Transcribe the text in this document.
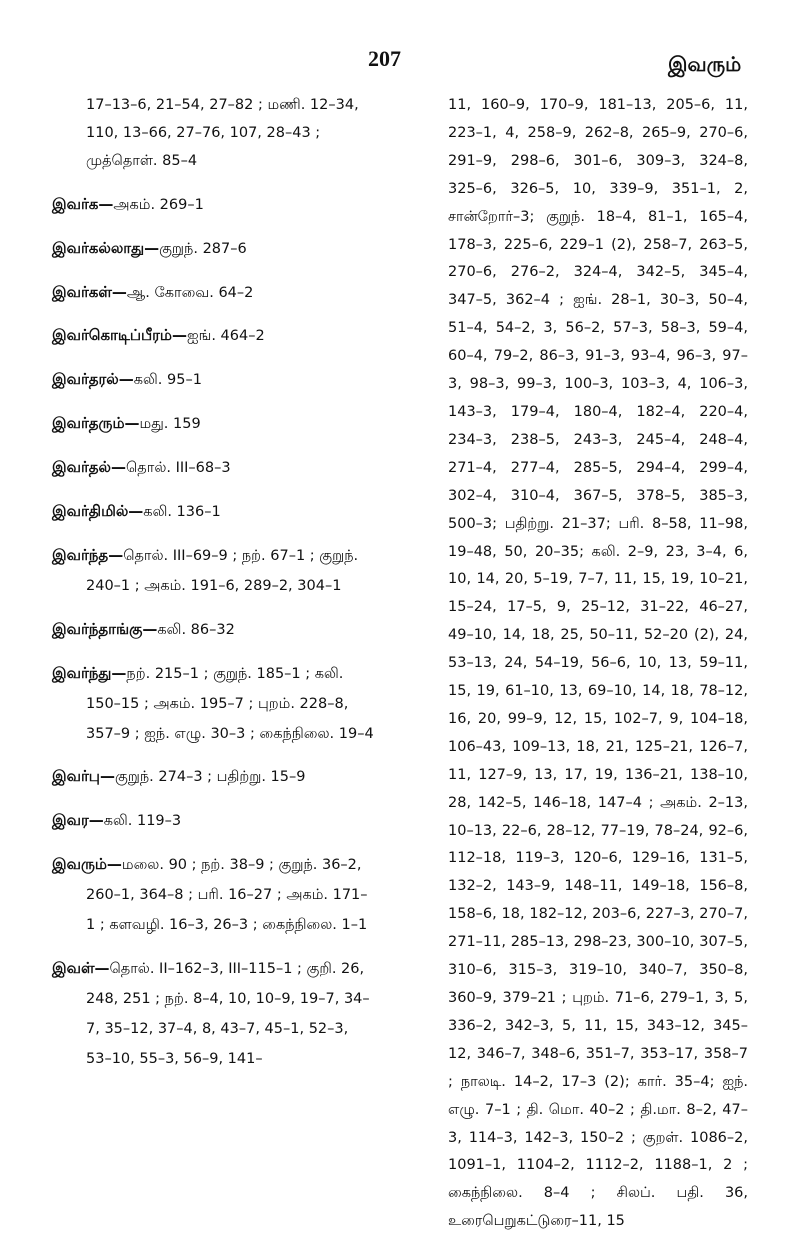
207	இவரும்

17–13–6, 21–54, 27–82 ; மணி. 12–34, 110, 13–66, 27–76, 107, 28–43 ; முத்தொள். 85–4

இவர்க—அகம். 269–1

இவர்கல்லாது—குறுந். 287–6

இவர்கள்—ஆ. கோவை. 64–2

இவர்கொடிப்பீரம்—ஐங். 464–2

இவர்தரல்—கலி. 95–1

இவர்தரும்—மது. 159

இவர்தல்—தொல். III–68–3

இவர்திமில்—கலி. 136–1

இவர்ந்த—தொல். III–69–9 ; நற். 67–1 ; குறுந். 240–1 ; அகம். 191–6, 289–2, 304–1

இவர்ந்தாங்கு—கலி. 86–32

இவர்ந்து—நற். 215–1 ; குறுந். 185–1 ; கலி. 150–15 ; அகம். 195–7 ; புறம். 228–8, 357–9 ; ஐந். எழு. 30–3 ; கைந்நிலை. 19–4

இவர்பு—குறுந். 274–3 ; பதிற்று. 15–9

இவர—கலி. 119–3

இவரும்—மலை. 90 ; நற். 38–9 ; குறுந். 36–2, 260–1, 364–8 ; பரி. 16–27 ; அகம். 171–1 ; களவழி. 16–3, 26–3 ; கைந்நிலை. 1–1

இவள்—தொல். II–162–3, III–115–1 ; குறி. 26, 248, 251 ; நற். 8–4, 10, 10–9, 19–7, 34–7, 35–12, 37–4, 8, 43–7, 45–1, 52–3, 53–10, 55–3, 56–9, 141–

11, 160–9, 170–9, 181–13, 205–6, 11, 223–1, 4, 258–9, 262–8, 265–9, 270–6, 291–9, 298–6, 301–6, 309–3, 324–8, 325–6, 326–5, 10, 339–9, 351–1, 2, சான்றோர்–3; குறுந். 18–4, 81–1, 165–4, 178–3, 225–6, 229–1 (2), 258–7, 263–5, 270–6, 276–2, 324–4, 342–5, 345–4, 347–5, 362–4 ; ஐங். 28–1, 30–3, 50–4, 51–4, 54–2, 3, 56–2, 57–3, 58–3, 59–4, 60–4, 79–2, 86–3, 91–3, 93–4, 96–3, 97–3, 98–3, 99–3, 100–3, 103–3, 4, 106–3, 143–3, 179–4, 180–4, 182–4, 220–4, 234–3, 238–5, 243–3, 245–4, 248–4, 271–4, 277–4, 285–5, 294–4, 299–4, 302–4, 310–4, 367–5, 378–5, 385–3, 500–3; பதிற்று. 21–37; பரி. 8–58, 11–98, 19–48, 50, 20–35; கலி. 2–9, 23, 3–4, 6, 10, 14, 20, 5–19, 7–7, 11, 15, 19, 10–21, 15–24, 17–5, 9, 25–12, 31–22, 46–27, 49–10, 14, 18, 25, 50–11, 52–20 (2), 24, 53–13, 24, 54–19, 56–6, 10, 13, 59–11, 15, 19, 61–10, 13, 69–10, 14, 18, 78–12, 16, 20, 99–9, 12, 15, 102–7, 9, 104–18, 106–43, 109–13, 18, 21, 125–21, 126–7, 11, 127–9, 13, 17, 19, 136–21, 138–10, 28, 142–5, 146–18, 147–4 ; அகம். 2–13, 10–13, 22–6, 28–12, 77–19, 78–24, 92–6, 112–18, 119–3, 120–6, 129–16, 131–5, 132–2, 143–9, 148–11, 149–18, 156–8, 158–6, 18, 182–12, 203–6, 227–3, 270–7, 271–11, 285–13, 298–23, 300–10, 307–5, 310–6, 315–3, 319–10, 340–7, 350–8, 360–9, 379–21 ; புறம். 71–6, 279–1, 3, 5, 336–2, 342–3, 5, 11, 15, 343–12, 345–12, 346–7, 348–6, 351–7, 353–17, 358–7 ; நாலடி. 14–2, 17–3 (2); கார். 35–4; ஐந். எழு. 7–1 ; தி. மொ. 40–2 ; தி.மா. 8–2, 47–3, 114–3, 142–3, 150–2 ; குறள். 1086–2, 1091–1, 1104–2, 1112–2, 1188–1, 2 ; கைந்நிலை. 8–4 ; சிலப். பதி. 36, உரைபெறுகட்டுரை–11, 15
